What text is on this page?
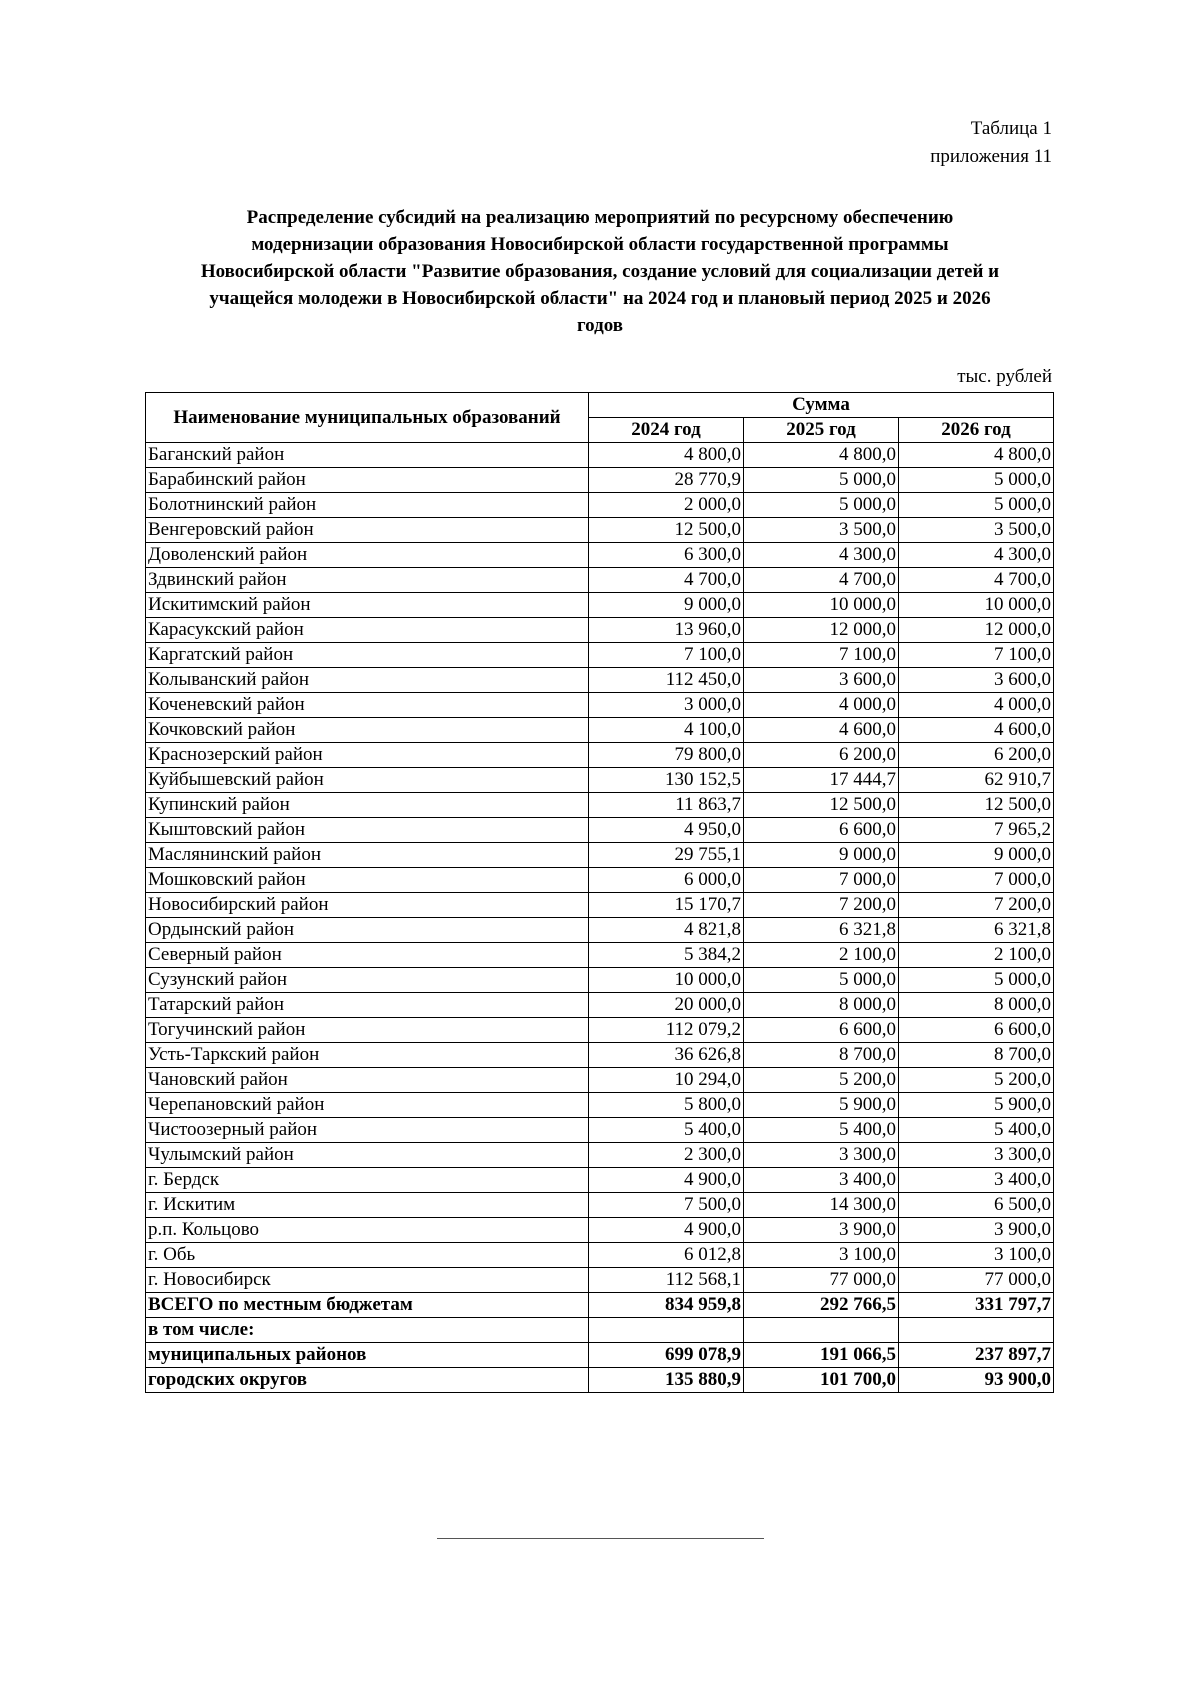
Таблица 1
приложения 11
Распределение субсидий на реализацию мероприятий по ресурсному обеспечению
модернизации образования Новосибирской области государственной программы
Новосибирской области "Развитие образования, создание условий для социализации детей и
учащейся молодежи в Новосибирской области" на 2024 год и плановый период 2025 и 2026
годов
тыс. рублей
Наименование муниципальных образований	Сумма		
	2024 год	2025 год	2026 год
Баганский район	4 800,0	4 800,0	4 800,0
Барабинский район	28 770,9	5 000,0	5 000,0
Болотнинский район	2 000,0	5 000,0	5 000,0
Венгеровский район	12 500,0	3 500,0	3 500,0
Доволенский район	6 300,0	4 300,0	4 300,0
Здвинский район	4 700,0	4 700,0	4 700,0
Искитимский район	9 000,0	10 000,0	10 000,0
Карасукский район	13 960,0	12 000,0	12 000,0
Каргатский район	7 100,0	7 100,0	7 100,0
Колыванский район	112 450,0	3 600,0	3 600,0
Коченевский район	3 000,0	4 000,0	4 000,0
Кочковский район	4 100,0	4 600,0	4 600,0
Краснозерский район	79 800,0	6 200,0	6 200,0
Куйбышевский район	130 152,5	17 444,7	62 910,7
Купинский район	11 863,7	12 500,0	12 500,0
Кыштовский район	4 950,0	6 600,0	7 965,2
Маслянинский район	29 755,1	9 000,0	9 000,0
Мошковский район	6 000,0	7 000,0	7 000,0
Новосибирский район	15 170,7	7 200,0	7 200,0
Ордынский район	4 821,8	6 321,8	6 321,8
Северный район	5 384,2	2 100,0	2 100,0
Сузунский район	10 000,0	5 000,0	5 000,0
Татарский район	20 000,0	8 000,0	8 000,0
Тогучинский район	112 079,2	6 600,0	6 600,0
Усть-Таркский район	36 626,8	8 700,0	8 700,0
Чановский район	10 294,0	5 200,0	5 200,0
Черепановский район	5 800,0	5 900,0	5 900,0
Чистоозерный район	5 400,0	5 400,0	5 400,0
Чулымский район	2 300,0	3 300,0	3 300,0
г. Бердск	4 900,0	3 400,0	3 400,0
г. Искитим	7 500,0	14 300,0	6 500,0
р.п. Кольцово	4 900,0	3 900,0	3 900,0
г. Обь	6 012,8	3 100,0	3 100,0
г. Новосибирск	112 568,1	77 000,0	77 000,0
ВСЕГО по местным бюджетам	834 959,8	292 766,5	331 797,7
в том числе:			
муниципальных районов	699 078,9	191 066,5	237 897,7
городских округов	135 880,9	101 700,0	93 900,0
